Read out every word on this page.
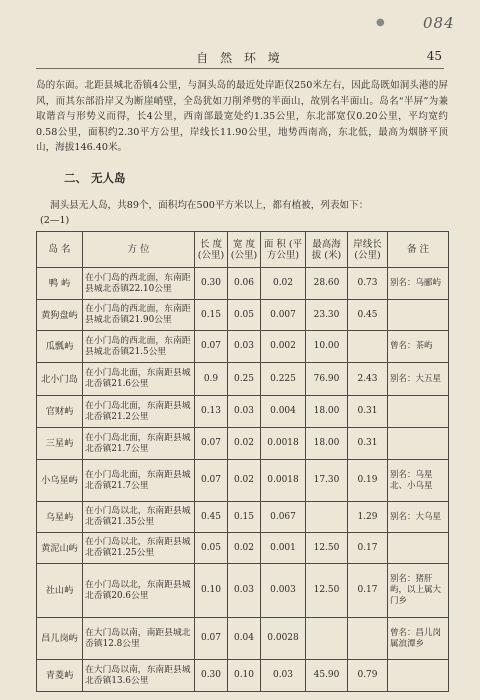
●	084
自 然 环 境	45
岛的东面。北距县城北岙镇4公里，与洞头岛的最近处岸距仅250米左右，因此岛既如洞头港的屏风，而其东部沿岸又为断崖峭壁，全岛犹如刀削斧劈的半面山，故别名半面山。岛名“半屏”为兼取谐音与形势义而得，长4公里，西南部最宽处约1.35公里，东北部宽仅0.20公里，平均宽约0.58公里，面积约2.30平方公里，岸线长11.90公里，地势西南高，东北低，最高为烟脐平顶山，海拔146.40米。
二、 无人岛
洞头县无人岛，共89个，面积均在500平方米以上，都有植被，列表如下：
(2—1)
岛 名	方 位	长 度 (公里)	宽 度 (公里)	面 积 (平方公里)	最高海拔 (米)	岸线长 (公里)	备 注
鸭 屿	在小门岛的西北面，东南距县城北岙镇22.10公里	0.30	0.06	0.02	28.60	0.73	别名：乌郦屿
黄狗盘屿	在小门岛的西北面，东南距县城北岙镇21.90公里	0.15	0.05	0.007	23.30	0.45	
瓜瓢屿	在小门岛的西北面，东南距县城北岙镇21.5公里	0.07	0.03	0.002	10.00		曾名：茶屿
北小门岛	在小门岛北面，东南距县城北岙镇21.6公里	0.9	0.25	0.225	76.90	2.43	别名：大五星
官财屿	在小门岛北面，东南距县城北岙镇21.2公里	0.13	0.03	0.004	18.00	0.31	
三星屿	在小门岛北面，东南距县城北岙镇21.7公里	0.07	0.02	0.0018	18.00	0.31	
小乌星屿	在小门岛北面，东南距县城北岙镇21.7公里	0.07	0.02	0.0018	17.30	0.19	别名：乌星北、小乌星
乌星屿	在小门岛以北，东南距县城北岙镇21.35公里	0.45	0.15	0.067		1.29	别名：大乌星
黄泥山屿	在小门岛以北，东南距县城北岙镇21.25公里	0.05	0.02	0.001	12.50	0.17	
社山屿	在小门岛以北，东南距县城北岙镇20.6公里	0.10	0.03	0.003	12.50	0.17	别名：猪肝屿，以上属大门乡
昌儿岗屿	在大门岛以南，南距县城北岙镇12.8公里	0.07	0.04	0.0028			曾名：昌儿岗属浪潭乡
青菱屿	在大门岛以南，东南距县城北岙镇13.6公里	0.30	0.10	0.03	45.90	0.79	
